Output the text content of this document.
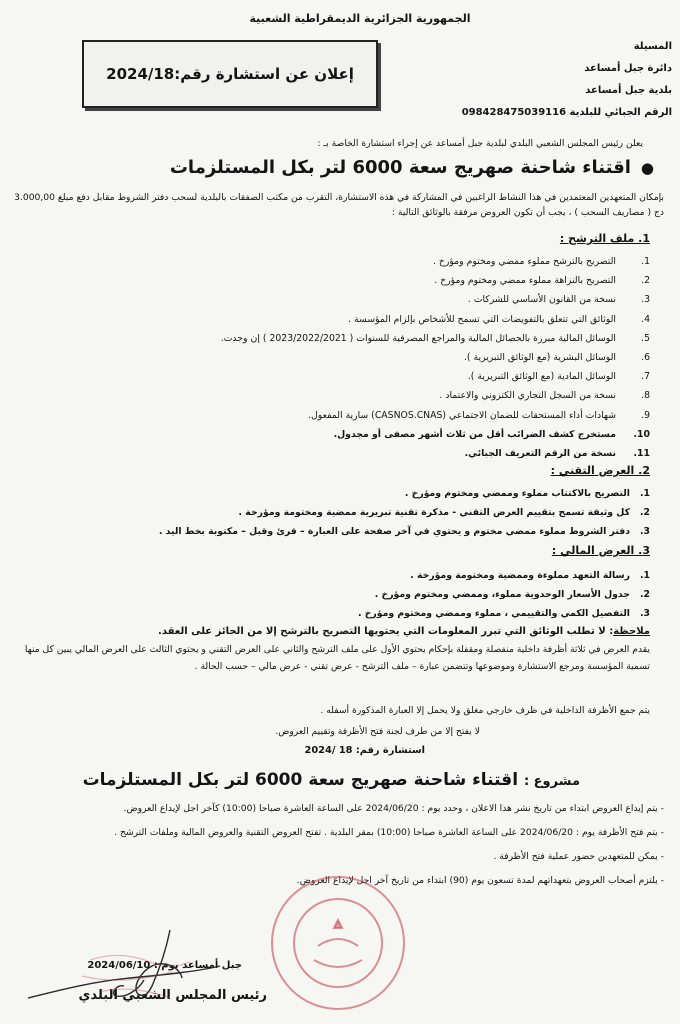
الجمهورية الجزائرية الديمقراطية الشعبية
المسيلة
دائرة جبل أمساعد
بلدية جبل أمساعد
الرقم الجبائي للبلدية 098428475039116
إعلان عن استشارة رقم:2024/18
يعلن رئيس المجلس الشعبي البلدي لبلدية جبل أمساعد عن إجراء استشارة الخاصة بـ :
●اقتناء شاحنة صهريج سعة 6000 لتر بكل المستلزمات
بإمكان المتعهدين المعتمدين في هذا النشاط الراغبين في المشاركة في هذه الاستشارة، التقرب من مكتب الصفقات بالبلدية لسحب دفتر الشروط مقابل دفع مبلغ 3.000,00 دج ( مصاريف السحب ) ، يجب أن تكون العروض مرفقة بالوثائق التالية :
1. ملف الترشح :
1.التصريح بالترشح مملوء ممضي ومختوم ومؤرخ .
2.التصريح بالنزاهة مملوء ممضي ومختوم ومؤرخ .
3.نسخة من القانون الأساسي للشركات .
4.الوثائق التي تتعلق بالتفويضات التي تسمح للأشخاص بإلزام المؤسسة .
5.الوسائل المالية مبررة بالحصائل المالية والمراجع المصرفية للسنوات ( 2023/2022/2021 ) إن وجدت.
6.الوسائل البشرية (مع الوثائق التبريرية ).
7.الوسائل المادية (مع الوثائق التبريرية ).
8.نسخة من السجل التجاري الكتروني والاعتماد .
9.شهادات أداء المستحقات للضمان الاجتماعي (CASNOS.CNAS) سارية المفعول.
10.مستخرج كشف الضرائب أقل من ثلاث أشهر مصفى أو مجدول.
11.نسخة من الرقم التعريف الجبائي.
2. العرض التقني :
1.التصريح بالاكتتاب مملوء وممضي ومختوم ومؤرخ .
2.كل وثيقة تسمح بتقييم العرض التقني - مذكرة تقنية تبريرية ممضية ومختومة ومؤرخة .
3.دفتر الشروط مملوء ممضي مختوم و يحتوي في آخر صفحة على العبارة – قرئ وقبل – مكتوبة بخط اليد .
3. العرض المالي :
1.رسالة التعهد مملوءة وممضية ومختومة ومؤرخة .
2.جدول الأسعار الوحدوية مملوء، وممضي ومختوم ومؤرخ .
3.التفصيل الكمي والتقييمي ، مملوء وممضي ومختوم ومؤرخ .
ملاحظة: لا تطلب الوثائق التي تبرر المعلومات التي يحتويها التصريح بالترشح إلا من الحائز على العقد.
يقدم العرض في ثلاثة أظرفة داخلية منفصلة ومقفلة بإحكام يحتوي الأول على ملف الترشح والثاني على العرض التقني و يحتوي الثالث على العرض المالي يبين كل منها تسمية المؤسسة ومرجع الاستشارة وموضوعها وتتضمن عبارة – ملف الترشح - عرض تقني - عرض مالي – حسب الحالة .
يتم جمع الأظرفة الداخلية في ظرف خارجي مغلق ولا يحمل إلا العبارة المذكورة أسفله .
لا يفتح إلا من طرف لجنة فتح الأظرفة وتقييم العروض.
استشارة رقم: 18 /2024
مشروع : اقتناء شاحنة صهريج سعة 6000 لتر بكل المستلزمات
- يتم إيداع العروض ابتداء من تاريخ نشر هذا الاعلان ، وحدد يوم : 2024/06/20 على الساعة العاشرة صباحا (10:00) كآخر اجل لإيداع العروض.
- يتم فتح الأظرفة يوم : 2024/06/20 على الساعة العاشرة صباحا (10:00) بمقر البلدية . تفتح العروض التقنية والعروض المالية وملفات الترشح .
- يمكن للمتعهدين حضور عملية فتح الأظرفة .
- يلتزم أصحاب العروض بتعهداتهم لمدة تسعون يوم (90) ابتداء من تاريخ آخر اجل لإيداع العروض.
جبل أمساعد يوم : 2024/06/10
رئيس المجلس الشعبي البلدي
